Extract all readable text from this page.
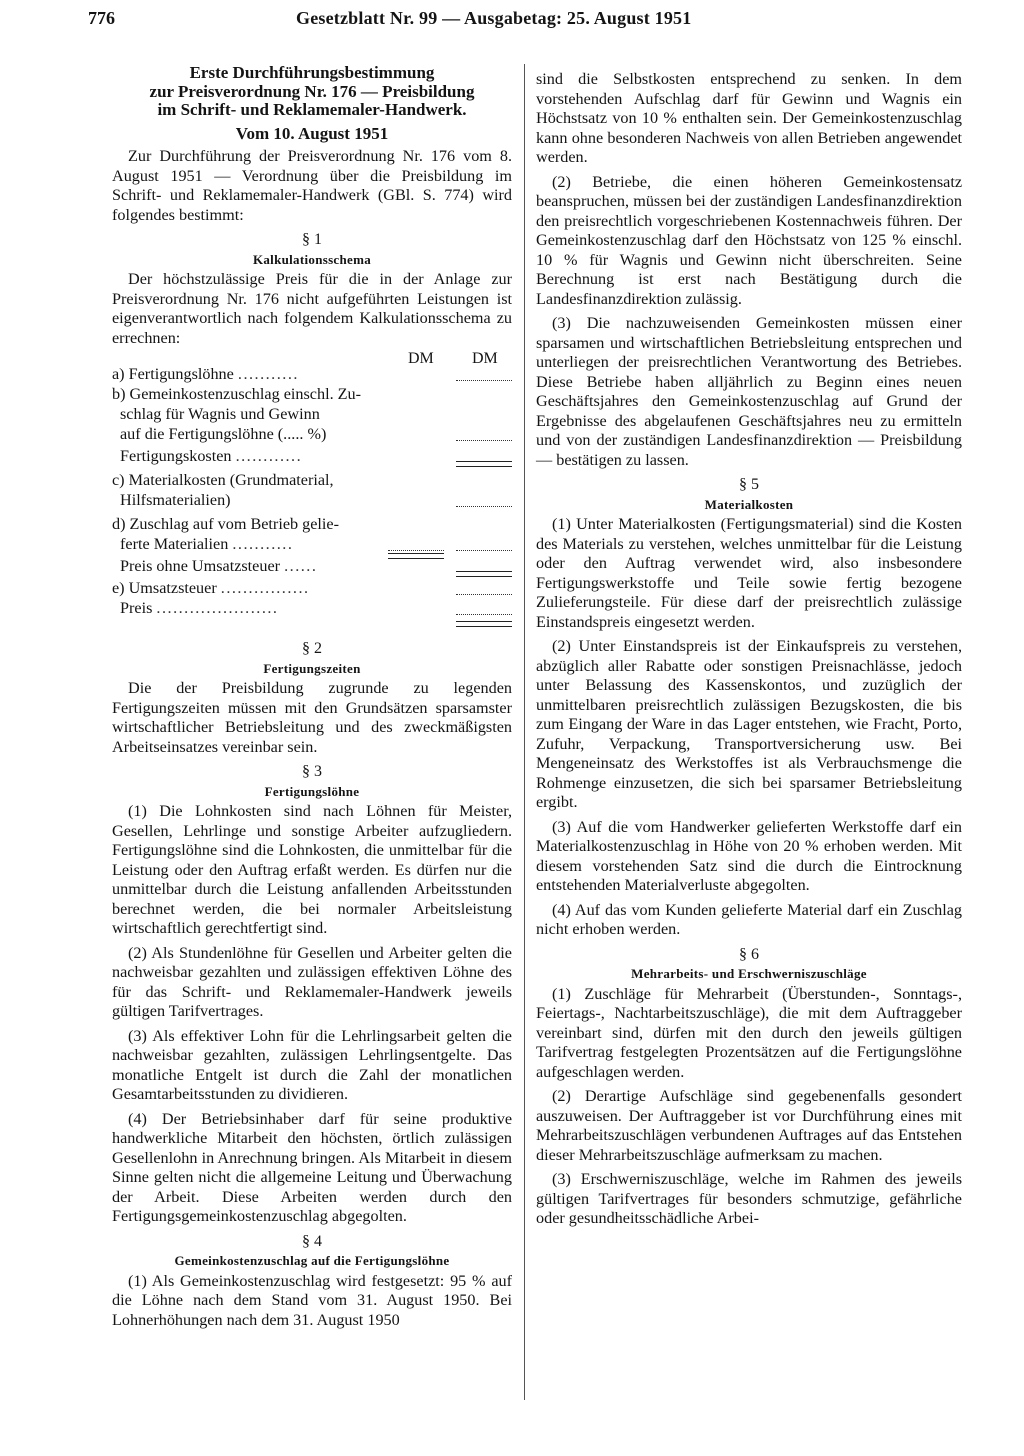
776	Gesetzblatt Nr. 99 — Ausgabetag: 25. August 1951
Erste Durchführungsbestimmung
zur Preisverordnung Nr. 176 — Preisbildung
im Schrift- und Reklamemaler-Handwerk.
Vom 10. August 1951

Zur Durchführung der Preisverordnung Nr. 176 vom 8. August 1951 — Verordnung über die Preisbildung im Schrift- und Reklamemaler-Handwerk (GBl. S. 774) wird folgendes bestimmt:

§ 1
Kalkulationsschema

Der höchstzulässige Preis für die in der Anlage zur Preisverordnung Nr. 176 nicht aufgeführten Leistungen ist eigenverantwortlich nach folgendem Kalkulationsschema zu errechnen:

DM DM
a) Fertigungslöhne ...........
b) Gemeinkostenzuschlag einschl. Zu-
schlag für Wagnis und Gewinn
auf die Fertigungslöhne (..... %)
Fertigungskosten ............
c) Materialkosten (Grundmaterial,
Hilfsmaterialien)
d) Zuschlag auf vom Betrieb gelie-
ferte Materialien ...........
Preis ohne Umsatzsteuer ......
e) Umsatzsteuer ................
Preis ......................
§ 2
Fertigungszeiten

Die der Preisbildung zugrunde zu legenden Fertigungszeiten müssen mit den Grundsätzen sparsamster wirtschaftlicher Betriebsleitung und des zweckmäßigsten Arbeitseinsatzes vereinbar sein.

§ 3
Fertigungslöhne

(1) Die Lohnkosten sind nach Löhnen für Meister, Gesellen, Lehrlinge und sonstige Arbeiter aufzugliedern. Fertigungslöhne sind die Lohnkosten, die unmittelbar für die Leistung oder den Auftrag erfaßt werden. Es dürfen nur die unmittelbar durch die Leistung anfallenden Arbeitsstunden berechnet werden, die bei normaler Arbeitsleistung wirtschaftlich gerechtfertigt sind.

(2) Als Stundenlöhne für Gesellen und Arbeiter gelten die nachweisbar gezahlten und zulässigen effektiven Löhne des für das Schrift- und Reklamemaler-Handwerk jeweils gültigen Tarifvertrages.

(3) Als effektiver Lohn für die Lehrlingsarbeit gelten die nachweisbar gezahlten, zulässigen Lehrlingsentgelte. Das monatliche Entgelt ist durch die Zahl der monatlichen Gesamtarbeitsstunden zu dividieren.

(4) Der Betriebsinhaber darf für seine produktive handwerkliche Mitarbeit den höchsten, örtlich zulässigen Gesellenlohn in Anrechnung bringen. Als Mitarbeit in diesem Sinne gelten nicht die allgemeine Leitung und Überwachung der Arbeit. Diese Arbeiten werden durch den Fertigungsgemeinkostenzuschlag abgegolten.

§ 4
Gemeinkostenzuschlag auf die Fertigungslöhne

(1) Als Gemeinkostenzuschlag wird festgesetzt: 95 % auf die Löhne nach dem Stand vom 31. August 1950. Bei Lohnerhöhungen nach dem 31. August 1950

sind die Selbstkosten entsprechend zu senken. In dem vorstehenden Aufschlag darf für Gewinn und Wagnis ein Höchstsatz von 10 % enthalten sein. Der Gemeinkostenzuschlag kann ohne besonderen Nachweis von allen Betrieben angewendet werden.

(2) Betriebe, die einen höheren Gemeinkostensatz beanspruchen, müssen bei der zuständigen Landesfinanzdirektion den preisrechtlich vorgeschriebenen Kostennachweis führen. Der Gemeinkostenzuschlag darf den Höchstsatz von 125 % einschl. 10 % für Wagnis und Gewinn nicht überschreiten. Seine Berechnung ist erst nach Bestätigung durch die Landesfinanzdirektion zulässig.

(3) Die nachzuweisenden Gemeinkosten müssen einer sparsamen und wirtschaftlichen Betriebsleitung entsprechen und unterliegen der preisrechtlichen Verantwortung des Betriebes. Diese Betriebe haben alljährlich zu Beginn eines neuen Geschäftsjahres den Gemeinkostenzuschlag auf Grund der Ergebnisse des abgelaufenen Geschäftsjahres neu zu ermitteln und von der zuständigen Landesfinanzdirektion — Preisbildung — bestätigen zu lassen.

§ 5
Materialkosten

(1) Unter Materialkosten (Fertigungsmaterial) sind die Kosten des Materials zu verstehen, welches unmittelbar für die Leistung oder den Auftrag verwendet wird, also insbesondere Fertigungswerkstoffe und Teile sowie fertig bezogene Zulieferungsteile. Für diese darf der preisrechtlich zulässige Einstandspreis eingesetzt werden.

(2) Unter Einstandspreis ist der Einkaufspreis zu verstehen, abzüglich aller Rabatte oder sonstigen Preisnachlässe, jedoch unter Belassung des Kassenskontos, und zuzüglich der unmittelbaren preisrechtlich zulässigen Bezugskosten, die bis zum Eingang der Ware in das Lager entstehen, wie Fracht, Porto, Zufuhr, Verpackung, Transportversicherung usw. Bei Mengeneinsatz des Werkstoffes ist als Verbrauchsmenge die Rohmenge einzusetzen, die sich bei sparsamer Betriebsleitung ergibt.

(3) Auf die vom Handwerker gelieferten Werkstoffe darf ein Materialkostenzuschlag in Höhe von 20 % erhoben werden. Mit diesem vorstehenden Satz sind die durch die Eintrocknung entstehenden Materialverluste abgegolten.

(4) Auf das vom Kunden gelieferte Material darf ein Zuschlag nicht erhoben werden.

§ 6
Mehrarbeits- und Erschwerniszuschläge

(1) Zuschläge für Mehrarbeit (Überstunden-, Sonntags-, Feiertags-, Nachtarbeitszuschläge), die mit dem Auftraggeber vereinbart sind, dürfen mit den durch den jeweils gültigen Tarifvertrag festgelegten Prozentsätzen auf die Fertigungslöhne aufgeschlagen werden.

(2) Derartige Aufschläge sind gegebenenfalls gesondert auszuweisen. Der Auftraggeber ist vor Durchführung eines mit Mehrarbeitszuschlägen verbundenen Auftrages auf das Entstehen dieser Mehrarbeitszuschläge aufmerksam zu machen.

(3) Erschwerniszuschläge, welche im Rahmen des jeweils gültigen Tarifvertrages für besonders schmutzige, gefährliche oder gesundheitsschädliche Arbei-
